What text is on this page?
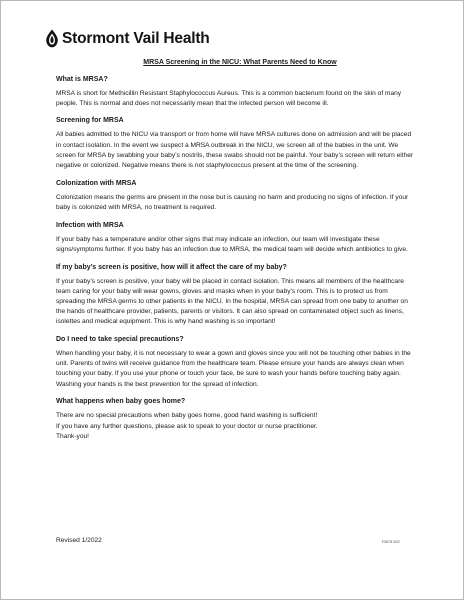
Stormont Vail Health
MRSA Screening in the NICU: What Parents Need to Know
What is MRSA?
MRSA is short for Methicillin Resistant Staphylococcus Aureus. This is a common bacterium found on the skin of many people. This is normal and does not necessarily mean that the infected person will become ill.
Screening for MRSA
All babies admitted to the NICU via transport or from home will have MRSA cultures done on admission and will be placed in contact isolation. In the event we suspect a MRSA outbreak in the NICU, we screen all of the babies in the unit. We screen for MRSA by swabbing your baby’s nostrils, these swabs should not be painful. Your baby’s screen will return either negative or colonized. Negative means there is not staphylococcus present at the time of the screening.
Colonization with MRSA
Colonization means the germs are present in the nose but is causing no harm and producing no signs of infection. If your baby is colonized with MRSA, no treatment is required.
Infection with MRSA
If your baby has a temperature and/or other signs that may indicate an infection, our team will investigate these signs/symptoms further. If you baby has an infection due to MRSA, the medical team will decide which antibiotics to give.
If my baby’s screen is positive, how will it affect the care of my baby?
If your baby’s screen is positive, your baby will be placed in contact isolation. This means all members of the healthcare team caring for your baby will wear gowns, gloves and masks when in your baby’s room. This is to protect us from spreading the MRSA germs to other patients in the NICU. In the hospital, MRSA can spread from one baby to another on the hands of healthcare provider, patients, parents or visitors. It can also spread on contaminated object such as linens, isolettes and medical equipment. This is why hand washing is so important!
Do I need to take special precautions?
When handling your baby, it is not necessary to wear a gown and gloves since you will not be touching other babies in the unit. Parents of twins will receive guidance from the healthcare team. Please ensure your hands are always clean when touching your baby. If you use your phone or touch your face, be sure to wash your hands before touching baby again. Washing your hands is the best prevention for the spread of infection.
What happens when baby goes home?
There are no special precautions when baby goes home, good hand washing is sufficient!
If you have any further questions, please ask to speak to your doctor or nurse practitioner.
Thank-you!
Revised 1/2022	F0678 3/22
